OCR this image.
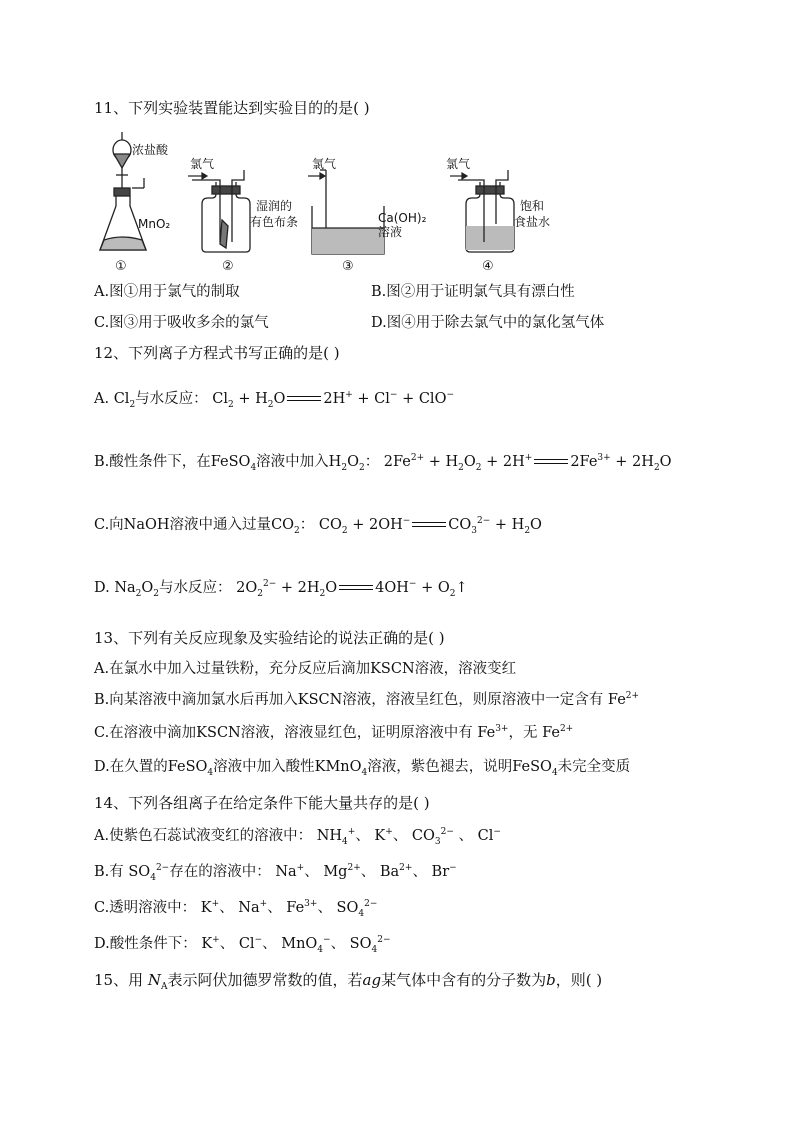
11、下列实验装置能达到实验目的的是( )
浓盐酸
MnO₂
氯气
湿润的
有色布条
氯气
Ca(OH)₂
溶液
氯气
饱和
食盐水
①	②	③	④
A.图①用于氯气的制取	B.图②用于证明氯气具有漂白性
C.图③用于吸收多余的氯气	D.图④用于除去氯气中的氯化氢气体
12、下列离子方程式书写正确的是( )
A. $Cl_2$与水反应： $Cl_2 + H_2O$	2H+ + Cl− + ClO−
B.酸性条件下，在FeSO$_4$溶液中加入$H_2O_2$： $2Fe^{2+} + H_2O_2 + 2H^+$	$2Fe^{3+} + 2H_2O$
C.向NaOH溶液中通入过量$CO_2$： $CO_2 + 2OH^-$	$CO_3^{2-} + H_2O$
D. $Na_2O_2$与水反应： $2O_2^{2-} + 2H_2O$	$4OH^- + O_2↑$
13、下列有关反应现象及实验结论的说法正确的是( )
A.在氯水中加入过量铁粉，充分反应后滴加KSCN溶液，溶液变红
B.向某溶液中滴加氯水后再加入KSCN溶液，溶液呈红色，则原溶液中一定含有 $Fe^{2+}$
C.在溶液中滴加KSCN溶液，溶液显红色，证明原溶液中有 $Fe^{3+}$，无 $Fe^{2+}$
D.在久置的FeSO$_4$溶液中加入酸性KMnO$_4$溶液，紫色褪去，说明FeSO$_4$未完全变质
14、下列各组离子在给定条件下能大量共存的是( )
A.使紫色石蕊试液变红的溶液中： $NH_4^+$、 K+、 $CO_3^{2-}$ 、 Cl−
B.有 $SO_4^{2-}$存在的溶液中： Na+、 $Mg^{2+}$、 $Ba^{2+}$、 Br−
C.透明溶液中： K+、 Na+、 $Fe^{3+}$、 $SO_4^{2-}$
D.酸性条件下： K+、 Cl−、 MnO$_4$−、 $SO_4^{2-}$
15、用 $N_A$表示阿伏加德罗常数的值，若ag某气体中含有的分子数为b，则( )
